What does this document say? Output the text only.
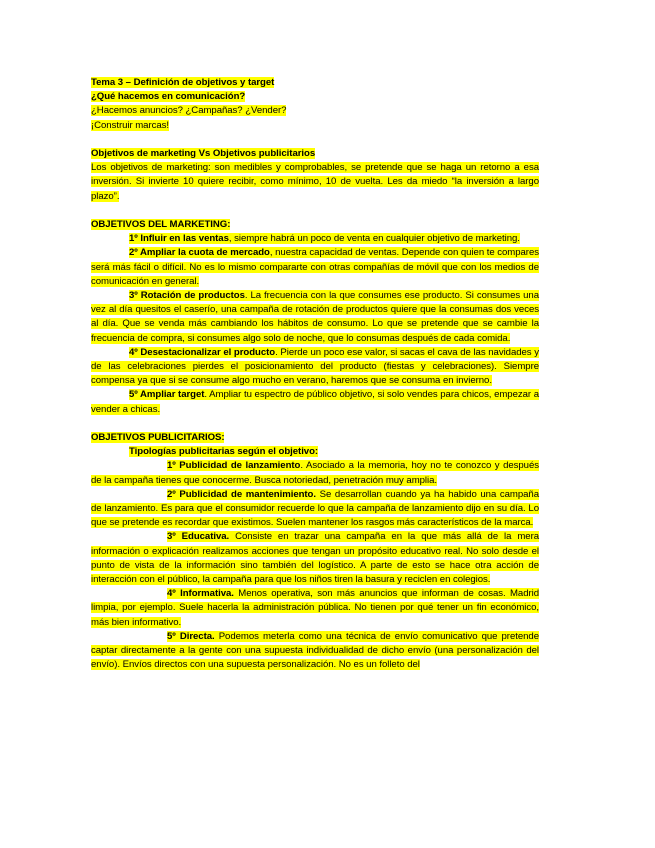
Tema 3 – Definición de objetivos y target

¿Qué hacemos en comunicación?

¿Hacemos anuncios? ¿Campañas? ¿Vender?

¡Construir marcas!

Objetivos de marketing Vs Objetivos publicitarios

Los objetivos de marketing: son medibles y comprobables, se pretende que se haga un retorno a esa inversión. Si invierte 10 quiere recibir, como mínimo, 10 de vuelta. Les da miedo “la inversión a largo plazo”.

OBJETIVOS DEL MARKETING:

1º Influir en las ventas, siempre habrá un poco de venta en cualquier objetivo de marketing.

2º Ampliar la cuota de mercado, nuestra capacidad de ventas. Depende con quien te compares será más fácil o difícil. No es lo mismo compararte con otras compañías de móvil que con los medios de comunicación en general.

3º Rotación de productos. La frecuencia con la que consumes ese producto. Si consumes una vez al día quesitos el caserío, una campaña de rotación de productos quiere que la consumas dos veces al día. Que se venda más cambiando los hábitos de consumo. Lo que se pretende que se cambie la frecuencia de compra, si consumes algo solo de noche, que lo consumas después de cada comida.

4º Desestacionalizar el producto. Pierde un poco ese valor, si sacas el cava de las navidades y de las celebraciones pierdes el posicionamiento del producto (fiestas y celebraciones). Siempre compensa ya que si se consume algo mucho en verano, haremos que se consuma en invierno.

5º Ampliar target. Ampliar tu espectro de público objetivo, si solo vendes para chicos, empezar a vender a chicas.

OBJETIVOS PUBLICITARIOS:

Tipologías publicitarias según el objetivo:

1º Publicidad de lanzamiento. Asociado a la memoria, hoy no te conozco y después de la campaña tienes que conocerme. Busca notoriedad, penetración muy amplia.

2º Publicidad de mantenimiento. Se desarrollan cuando ya ha habido una campaña de lanzamiento. Es para que el consumidor recuerde lo que la campaña de lanzamiento dijo en su día. Lo que se pretende es recordar que existimos. Suelen mantener los rasgos más característicos de la marca.

3º Educativa. Consiste en trazar una campaña en la que más allá de la mera información o explicación realizamos acciones que tengan un propósito educativo real. No solo desde el punto de vista de la información sino también del logístico. A parte de esto se hace otra acción de interacción con el público, la campaña para que los niños tiren la basura y reciclen en colegios.

4º Informativa. Menos operativa, son más anuncios que informan de cosas. Madrid limpia, por ejemplo. Suele hacerla la administración pública. No tienen por qué tener un fin económico, más bien informativo.

5º Directa. Podemos meterla como una técnica de envío comunicativo que pretende captar directamente a la gente con una supuesta individualidad de dicho envío (una personalización del envío). Envíos directos con una supuesta personalización. No es un folleto del
